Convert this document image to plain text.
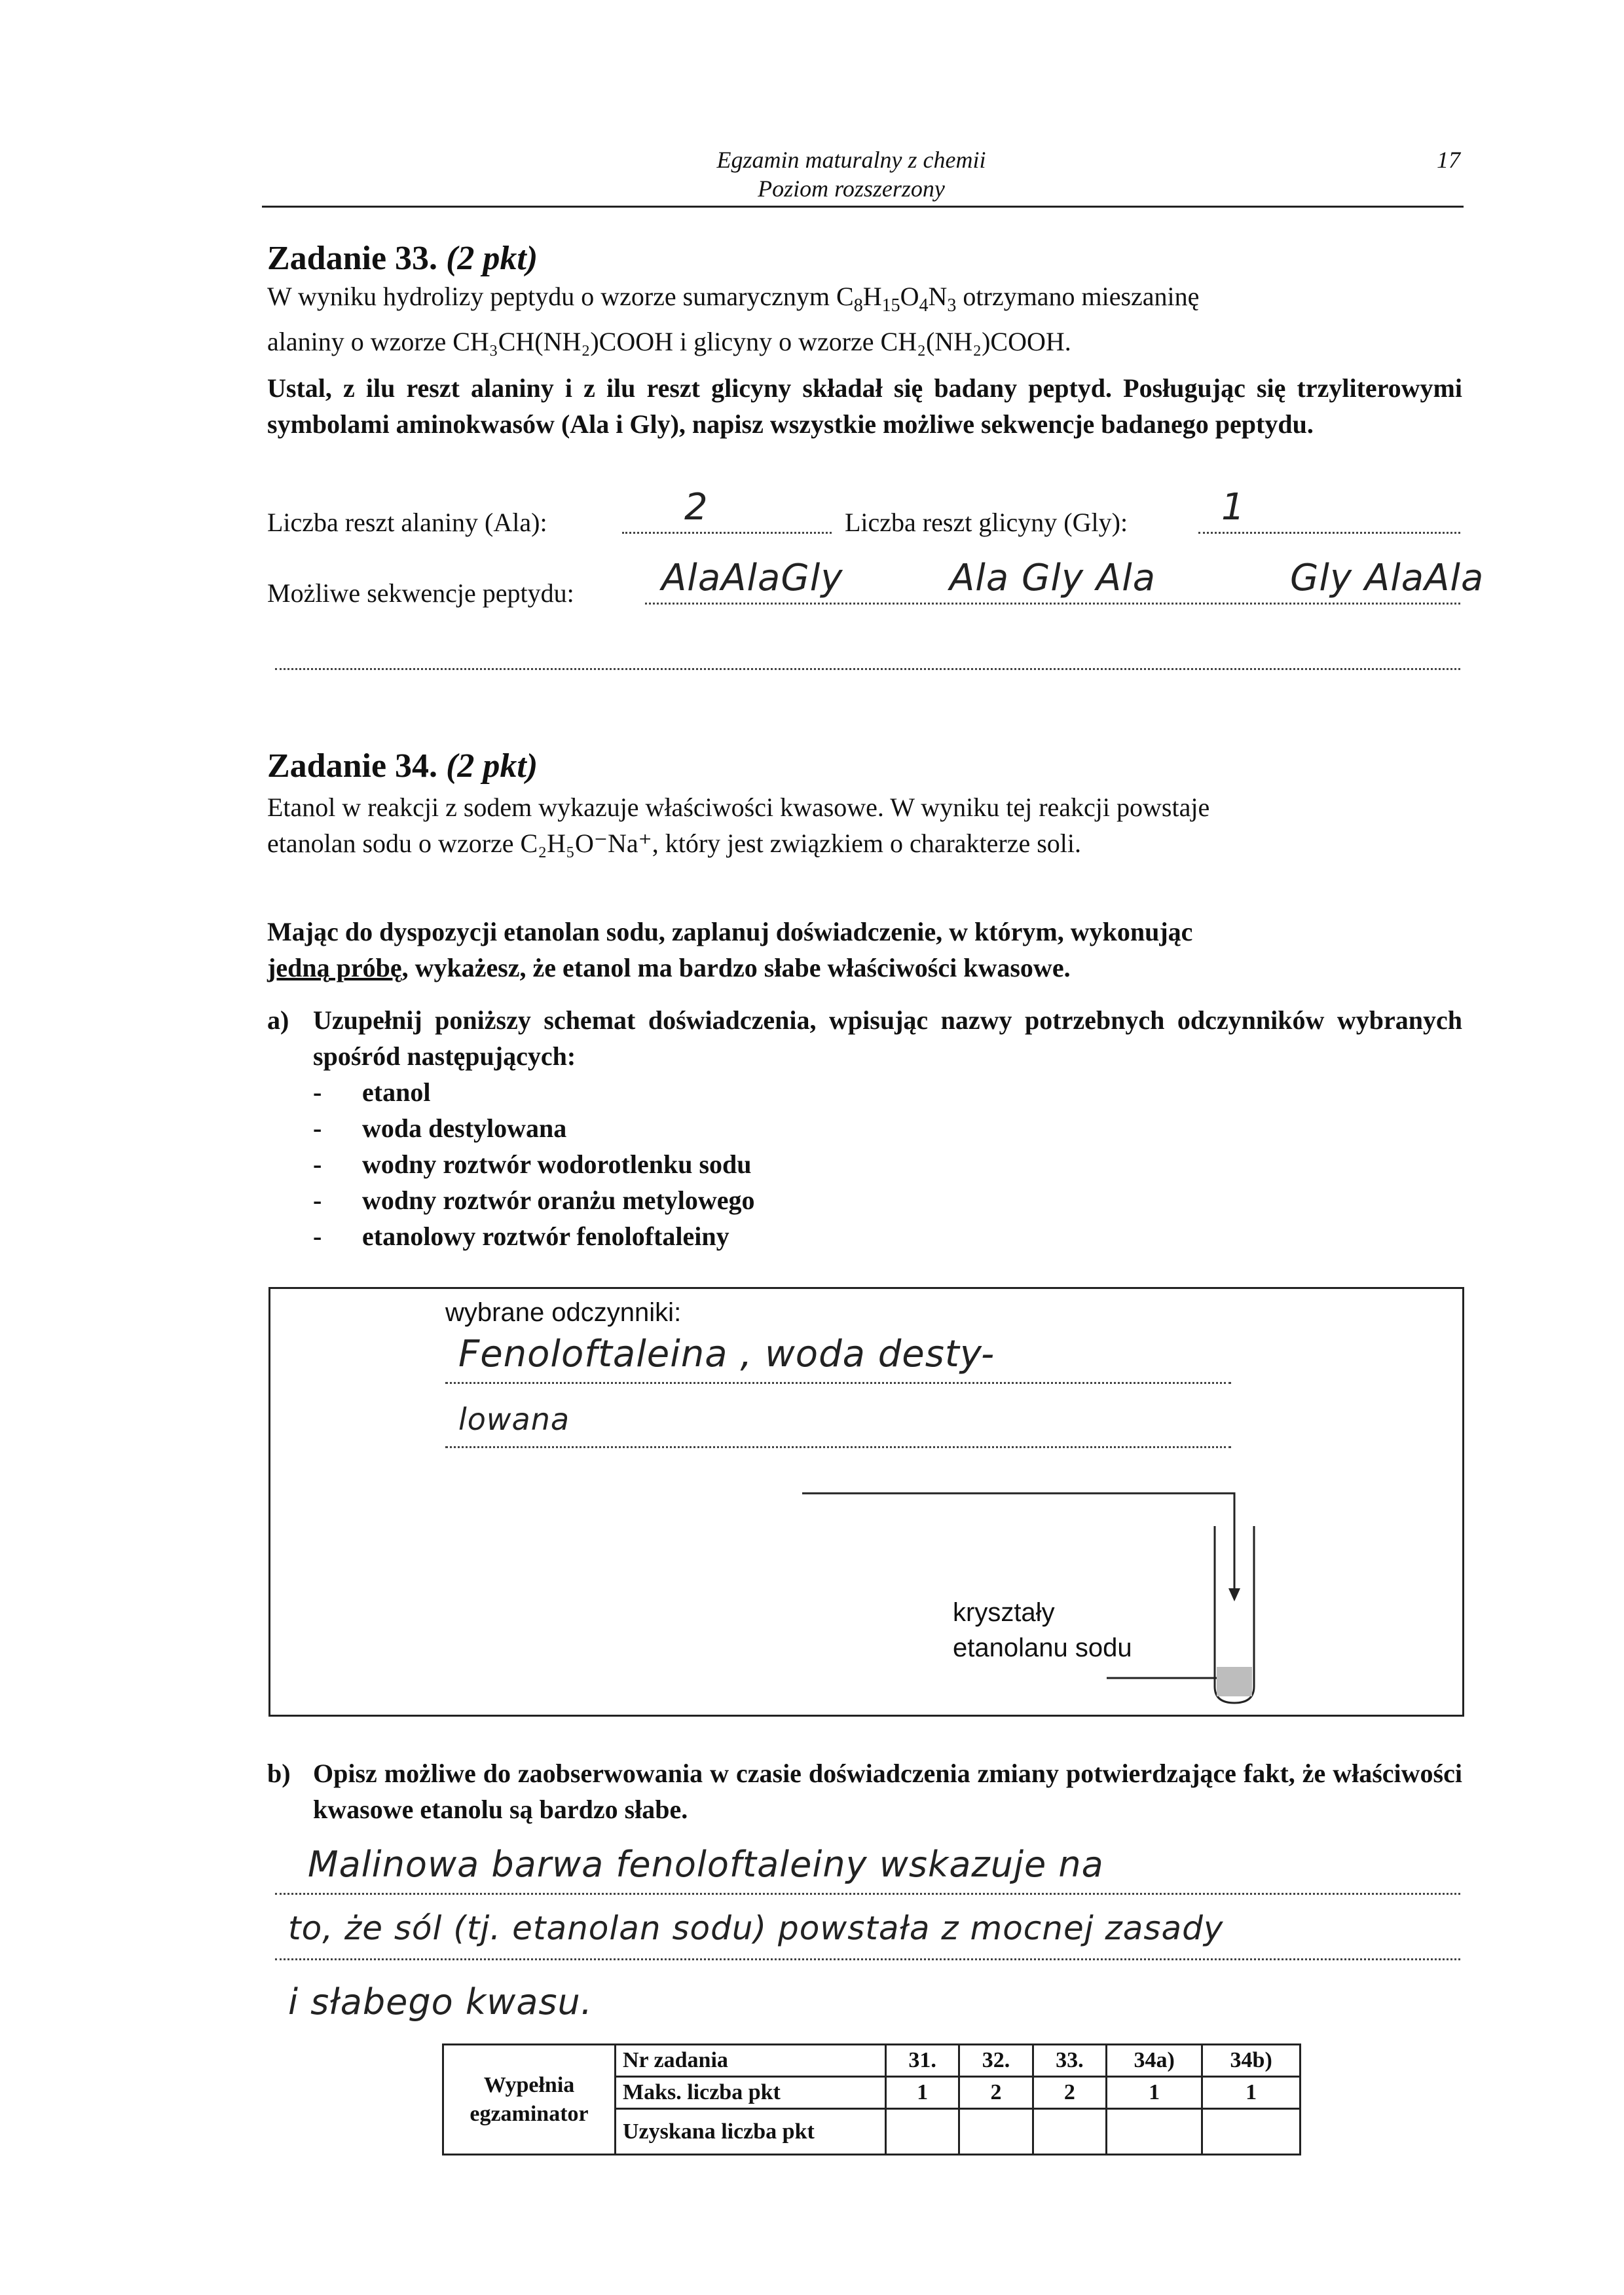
Egzamin maturalny z chemii
Poziom rozszerzony
17
Zadanie 33. (2 pkt)
W wyniku hydrolizy peptydu o wzorze sumarycznym $C_8H_{15}O_4N_3$ otrzymano mieszaninę
alaniny o wzorze CH₃CH(NH₂)COOH i glicyny o wzorze CH₂(NH₂)COOH.
Ustal, z ilu reszt alaniny i z ilu reszt glicyny składał się badany peptyd. Posługując się trzyliterowymi symbolami aminokwasów (Ala i Gly), napisz wszystkie możliwe sekwencje badanego peptydu.
Liczba reszt alaniny (Ala):	2	Liczba reszt glicyny (Gly):	1
Możliwe sekwencje peptydu: AlaAlaGly	Ala Gly Ala	Gly AlaAla
Zadanie 34. (2 pkt)
Etanol w reakcji z sodem wykazuje właściwości kwasowe. W wyniku tej reakcji powstaje
etanolan sodu o wzorze C₂H₅O⁻Na⁺, który jest związkiem o charakterze soli.
Mając do dyspozycji etanolan sodu, zaplanuj doświadczenie, w którym, wykonując
jedną próbę, wykażesz, że etanol ma bardzo słabe właściwości kwasowe.
a) Uzupełnij poniższy schemat doświadczenia, wpisując nazwy potrzebnych odczynników wybranych spośród następujących:
- etanol
- woda destylowana
- wodny roztwór wodorotlenku sodu
- wodny roztwór oranżu metylowego
- etanolowy roztwór fenoloftaleiny
wybrane odczynniki:
Fenoloftaleina , woda desty-
lowana
kryształy
etanolanu sodu
b) Opisz możliwe do zaobserwowania w czasie doświadczenia zmiany potwierdzające fakt, że właściwości kwasowe etanolu są bardzo słabe.
Malinowa barwa fenoloftaleiny wskazuje na
to, że sól (tj. etanolan sodu) powstała z mocnej zasady
i słabego kwasu.
Wypełnia
egzaminator	Nr zadania	31.	32.	33.	34a)	34b)
	Maks. liczba pkt	1	2	2	1	1
	Uzyskana liczba pkt					
